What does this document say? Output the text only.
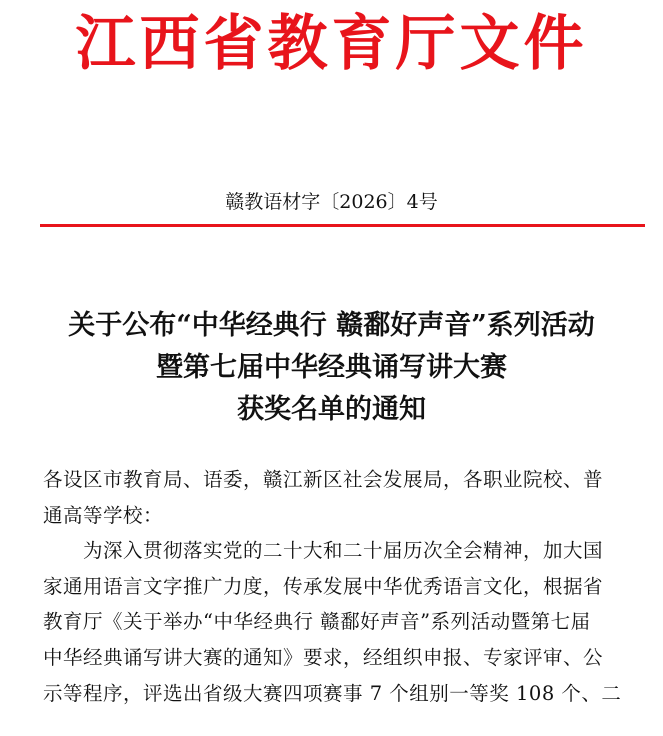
江西省教育厅文件
赣教语材字〔2026〕4号
关于公布“中华经典行 赣鄱好声音”系列活动
暨第七届中华经典诵写讲大赛
获奖名单的通知
各设区市教育局、语委，赣江新区社会发展局，各职业院校、普
通高等学校：
为深入贯彻落实党的二十大和二十届历次全会精神，加大国
家通用语言文字推广力度，传承发展中华优秀语言文化，根据省
教育厅《关于举办“中华经典行 赣鄱好声音”系列活动暨第七届
中华经典诵写讲大赛的通知》要求，经组织申报、专家评审、公
示等程序，评选出省级大赛四项赛事 7 个组别一等奖 108 个、二
